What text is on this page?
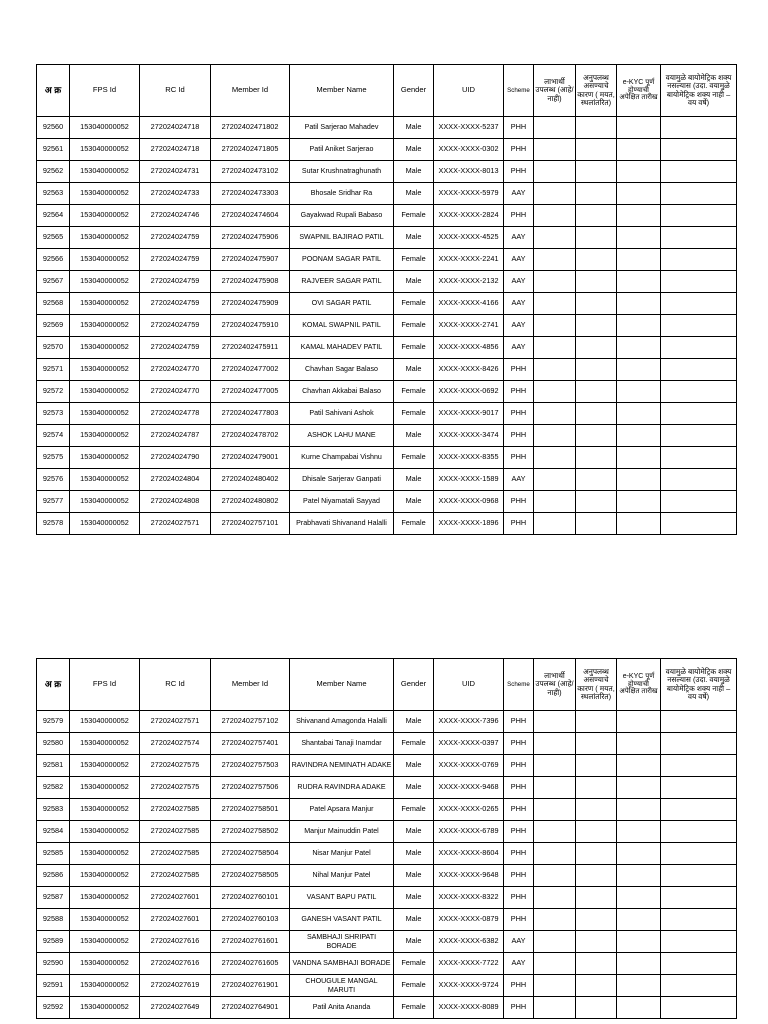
अ क्र	FPS Id	RC Id	Member Id	Member Name	Gender	UID	Scheme	लाभार्थी उपलब्ध (आहे/ नाही)	अनुपलब्ध असण्याचे कारण ( मयत, स्थलांतरित)	e-KYC पूर्ण होण्याची अपेक्षित तारीख	वयामुळे बायोमेट्रिक शक्य नसल्यास (उदा. वयामुळे बायोमेट्रिक शक्य नाही – वय वर्षे)
92560	153040000052	272024024718	27202402471802	Patil Sarjerao Mahadev	Male	XXXX-XXXX-5237	PHH				
92561	153040000052	272024024718	27202402471805	Patil Aniket Sarjerao	Male	XXXX-XXXX-0302	PHH				
92562	153040000052	272024024731	27202402473102	Sutar Krushnatraghunath	Male	XXXX-XXXX-8013	PHH				
92563	153040000052	272024024733	27202402473303	Bhosale Sridhar Ra	Male	XXXX-XXXX-5979	AAY				
92564	153040000052	272024024746	27202402474604	Gayakwad Rupali Babaso	Female	XXXX-XXXX-2824	PHH				
92565	153040000052	272024024759	27202402475906	SWAPNIL BAJIRAO PATIL	Male	XXXX-XXXX-4525	AAY				
92566	153040000052	272024024759	27202402475907	POONAM SAGAR PATIL	Female	XXXX-XXXX-2241	AAY				
92567	153040000052	272024024759	27202402475908	RAJVEER SAGAR PATIL	Male	XXXX-XXXX-2132	AAY				
92568	153040000052	272024024759	27202402475909	OVI SAGAR PATIL	Female	XXXX-XXXX-4166	AAY				
92569	153040000052	272024024759	27202402475910	KOMAL SWAPNIL PATIL	Female	XXXX-XXXX-2741	AAY				
92570	153040000052	272024024759	27202402475911	KAMAL MAHADEV PATIL	Female	XXXX-XXXX-4856	AAY				
92571	153040000052	272024024770	27202402477002	Chavhan Sagar Balaso	Male	XXXX-XXXX-8426	PHH				
92572	153040000052	272024024770	27202402477005	Chavhan Akkabai Balaso	Female	XXXX-XXXX-0692	PHH				
92573	153040000052	272024024778	27202402477803	Patil Sahivani Ashok	Female	XXXX-XXXX-9017	PHH				
92574	153040000052	272024024787	27202402478702	ASHOK LAHU MANE	Male	XXXX-XXXX-3474	PHH				
92575	153040000052	272024024790	27202402479001	Kurne Champabai Vishnu	Female	XXXX-XXXX-8355	PHH				
92576	153040000052	272024024804	27202402480402	Dhisale Sarjerav Ganpati	Male	XXXX-XXXX-1589	AAY				
92577	153040000052	272024024808	27202402480802	Patel Niyamatali Sayyad	Male	XXXX-XXXX-0968	PHH				
92578	153040000052	272024027571	27202402757101	Prabhavati Shivanand Halalli	Female	XXXX-XXXX-1896	PHH				
अ क्र	FPS Id	RC Id	Member Id	Member Name	Gender	UID	Scheme	लाभार्थी उपलब्ध (आहे/ नाही)	अनुपलब्ध असण्याचे कारण ( मयत, स्थलांतरित)	e-KYC पूर्ण होण्याची अपेक्षित तारीख	वयामुळे बायोमेट्रिक शक्य नसल्यास (उदा. वयामुळे बायोमेट्रिक शक्य नाही – वय वर्षे)
92579	153040000052	272024027571	27202402757102	Shivanand Amagonda Halalli	Male	XXXX-XXXX-7396	PHH				
92580	153040000052	272024027574	27202402757401	Shantabai Tanaji Inamdar	Female	XXXX-XXXX-0397	PHH				
92581	153040000052	272024027575	27202402757503	RAVINDRA NEMINATH ADAKE	Male	XXXX-XXXX-0769	PHH				
92582	153040000052	272024027575	27202402757506	RUDRA RAVINDRA ADAKE	Male	XXXX-XXXX-9468	PHH				
92583	153040000052	272024027585	27202402758501	Patel Apsara Manjur	Female	XXXX-XXXX-0265	PHH				
92584	153040000052	272024027585	27202402758502	Manjur Mainuddin Patel	Male	XXXX-XXXX-6789	PHH				
92585	153040000052	272024027585	27202402758504	Nisar Manjur Patel	Male	XXXX-XXXX-8604	PHH				
92586	153040000052	272024027585	27202402758505	Nihal Manjur Patel	Male	XXXX-XXXX-9648	PHH				
92587	153040000052	272024027601	27202402760101	VASANT BAPU PATIL	Male	XXXX-XXXX-8322	PHH				
92588	153040000052	272024027601	27202402760103	GANESH VASANT PATIL	Male	XXXX-XXXX-0879	PHH				
92589	153040000052	272024027616	27202402761601	SAMBHAJI SHRIPATI BORADE	Male	XXXX-XXXX-6382	AAY				
92590	153040000052	272024027616	27202402761605	VANDNA SAMBHAJI BORADE	Female	XXXX-XXXX-7722	AAY				
92591	153040000052	272024027619	27202402761901	CHOUGULE MANGAL MARUTI	Female	XXXX-XXXX-9724	PHH				
92592	153040000052	272024027649	27202402764901	Patil Anita Ananda	Female	XXXX-XXXX-8089	PHH				
